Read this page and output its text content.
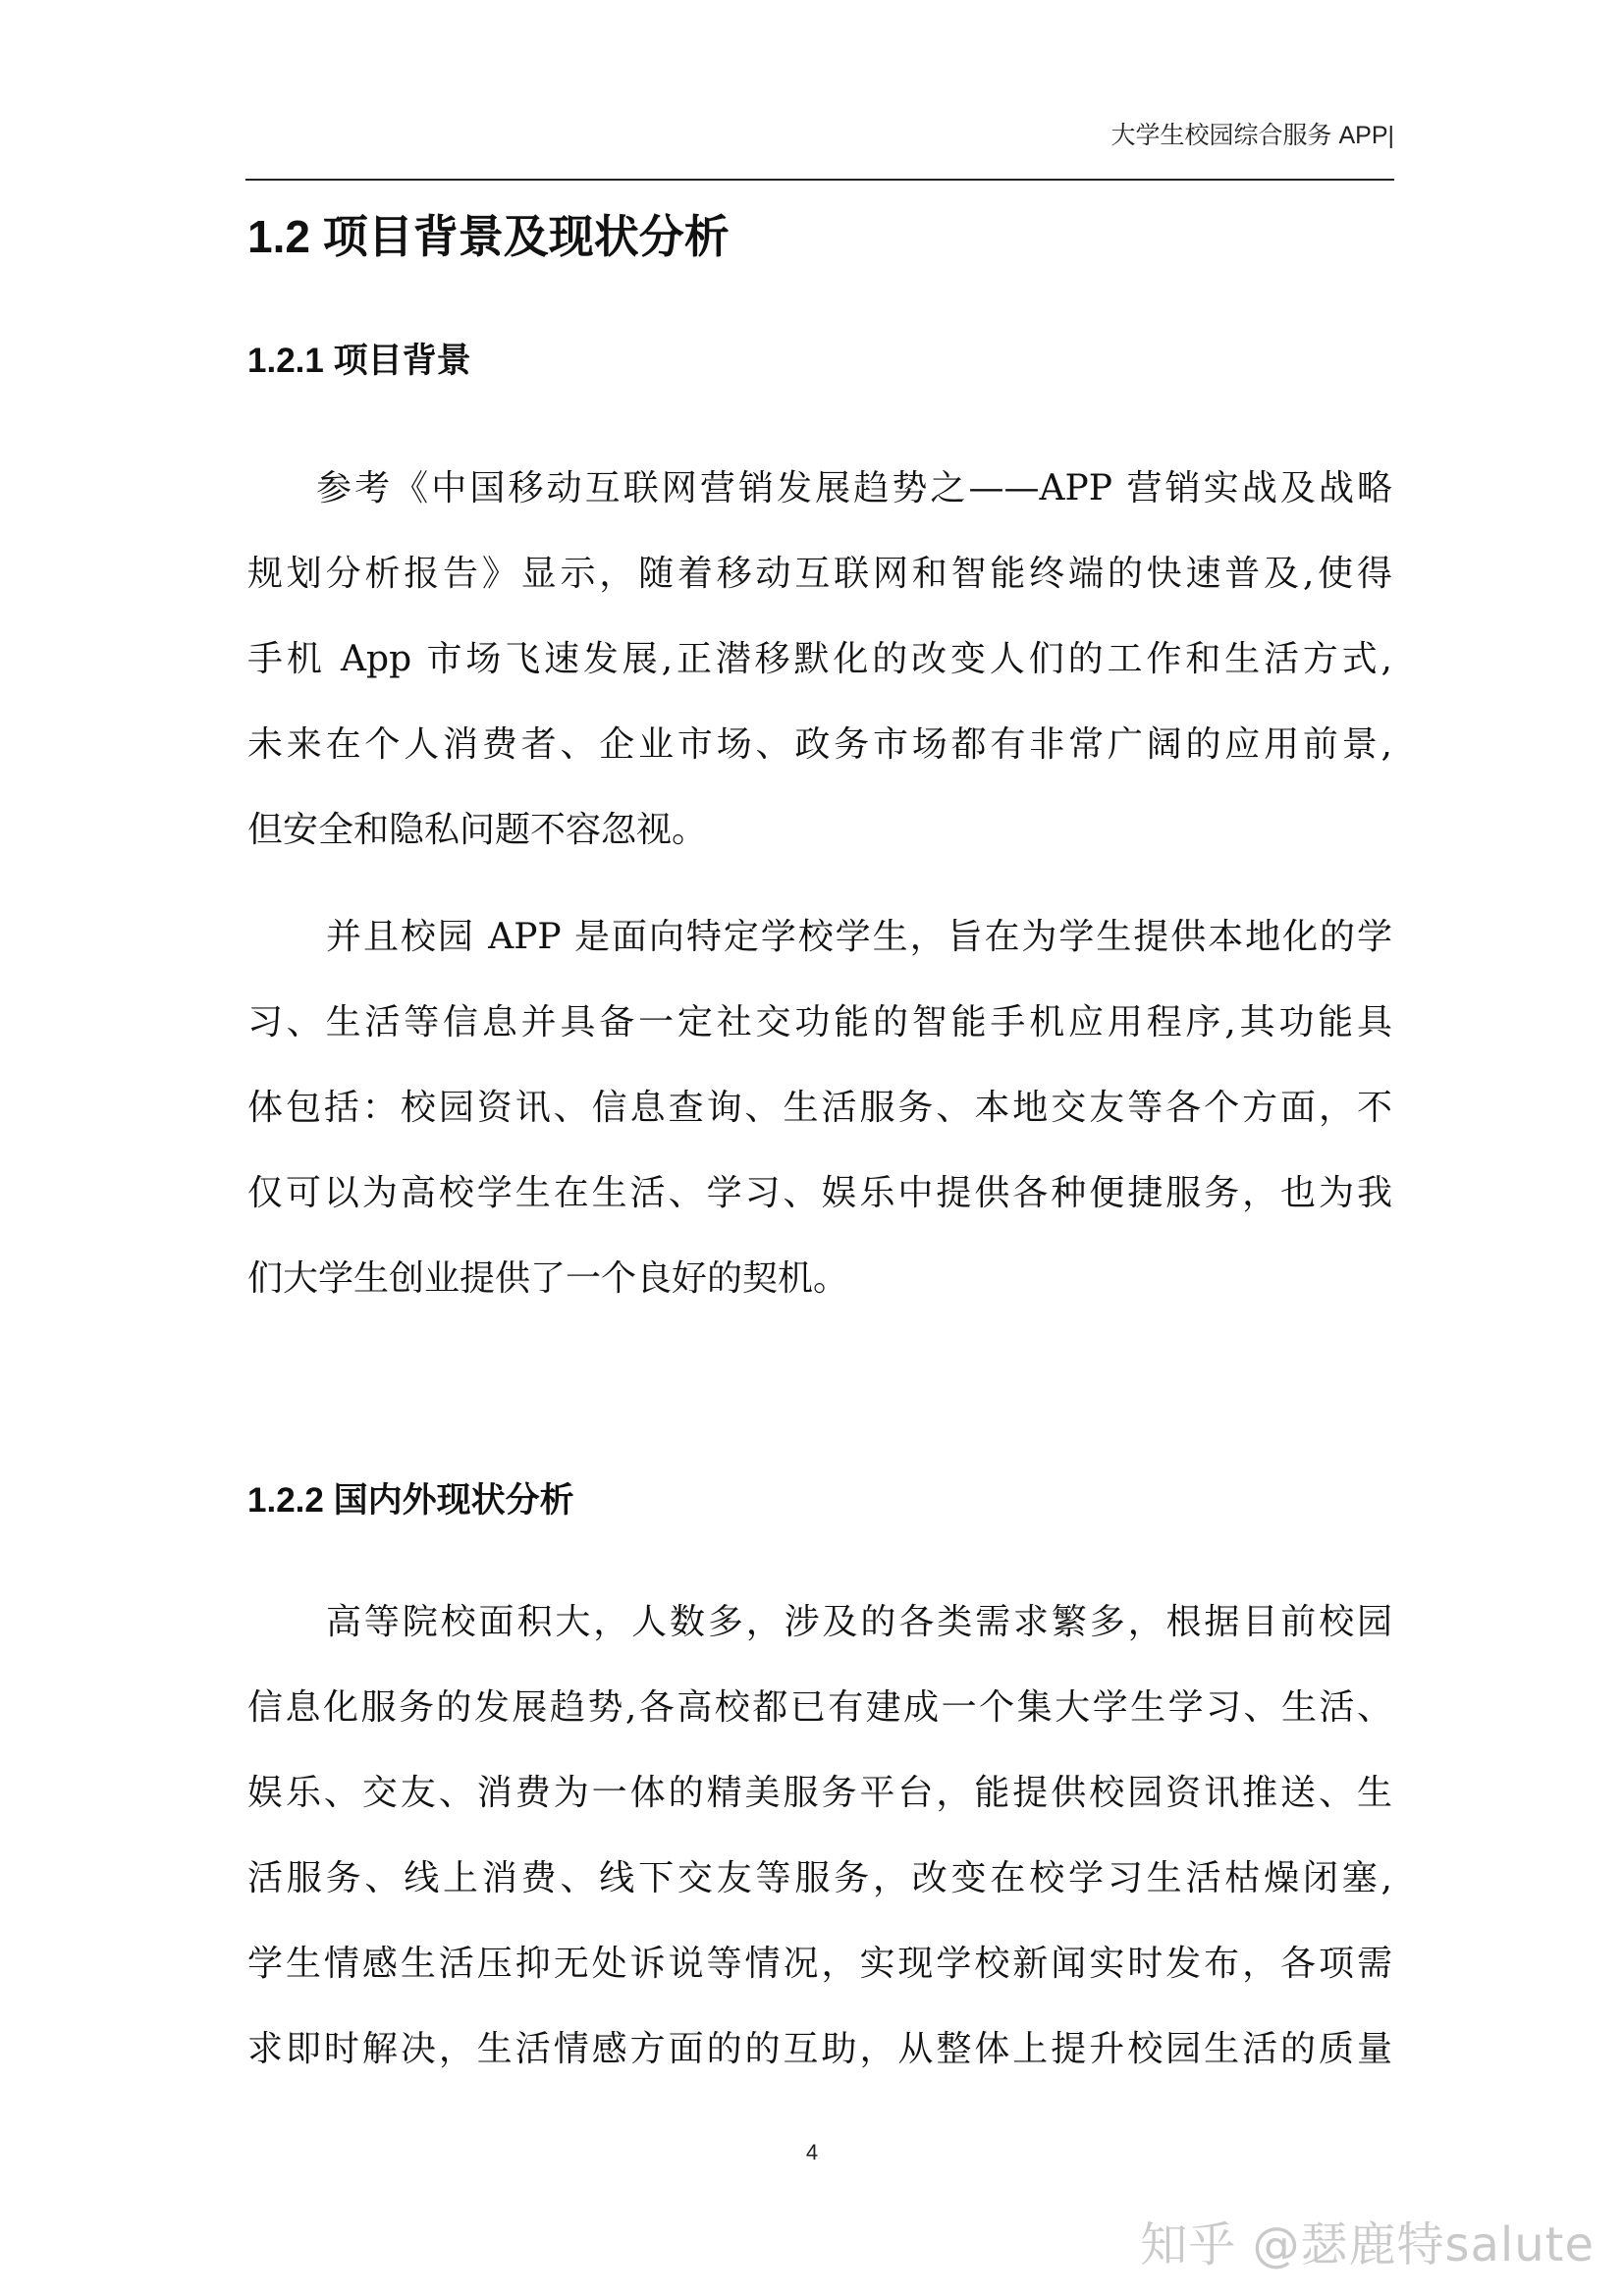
大学生校园综合服务 APP|
1.2 项目背景及现状分析
1.2.1 项目背景
参考《中国移动互联网营销发展趋势之——APP 营销实战及战略
规划分析报告》显示，随着移动互联网和智能终端的快速普及,使得
手机 App 市场飞速发展,正潜移默化的改变人们的工作和生活方式,
未来在个人消费者、企业市场、政务市场都有非常广阔的应用前景,
但安全和隐私问题不容忽视。
并且校园 APP 是面向特定学校学生，旨在为学生提供本地化的学
习、生活等信息并具备一定社交功能的智能手机应用程序,其功能具
体包括：校园资讯、信息查询、生活服务、本地交友等各个方面，不
仅可以为高校学生在生活、学习、娱乐中提供各种便捷服务，也为我
们大学生创业提供了一个良好的契机。
1.2.2 国内外现状分析
高等院校面积大，人数多，涉及的各类需求繁多，根据目前校园
信息化服务的发展趋势,各高校都已有建成一个集大学生学习、生活、
娱乐、交友、消费为一体的精美服务平台，能提供校园资讯推送、生
活服务、线上消费、线下交友等服务，改变在校学习生活枯燥闭塞,
学生情感生活压抑无处诉说等情况，实现学校新闻实时发布，各项需
求即时解决，生活情感方面的的互助，从整体上提升校园生活的质量
4
知乎 @瑟鹿特salute
